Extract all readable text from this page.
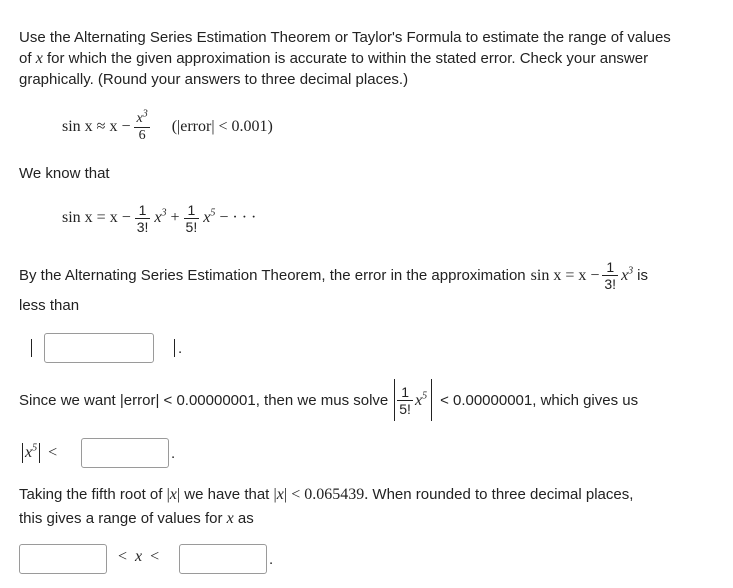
Use the Alternating Series Estimation Theorem or Taylor's Formula to estimate the range of values
of x for which the given approximation is accurate to within the stated error. Check your answer
graphically. (Round your answers to three decimal places.)
$\sin x \approx x - \frac{x^3}{6}$ (|error| < 0.001)
We know that
$\sin x = x - \frac{1}{3!} x^3 + \frac{1}{5!} x^5$ − · · ·
By the Alternating Series Estimation Theorem, the error in the approximation $\sin x = x - \frac{1}{3!} x^3$ is
less than
.
Since we want |error| < 0.00000001, then we mus solve $\frac{1}{5!} x^5 < 0.00000001$, which gives us
$x^5$ <	.
Taking the fifth root of |x| we have that |x| < 0.065439. When rounded to three decimal places,
this gives a range of values for x as
< x <	.
